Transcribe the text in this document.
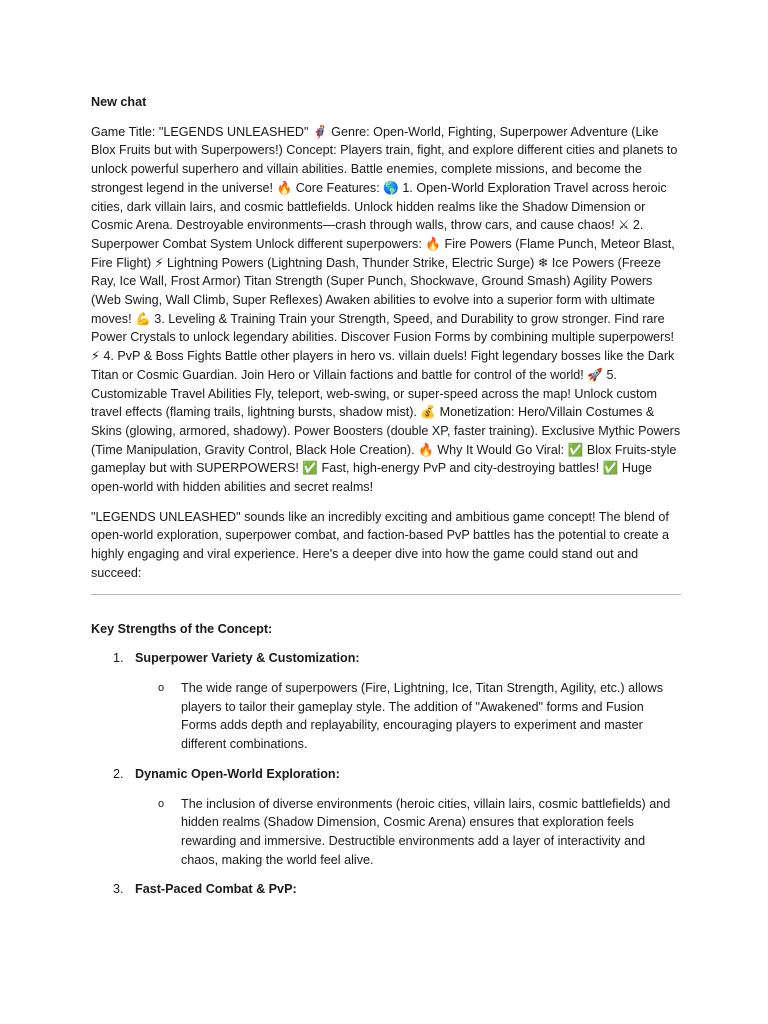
New chat

Game Title: "LEGENDS UNLEASHED" 🦸‍♂️ Genre: Open-World, Fighting, Superpower Adventure (Like Blox Fruits but with Superpowers!) Concept: Players train, fight, and explore different cities and planets to unlock powerful superhero and villain abilities. Battle enemies, complete missions, and become the strongest legend in the universe! 🔥 Core Features: 🌎 1. Open-World Exploration Travel across heroic cities, dark villain lairs, and cosmic battlefields. Unlock hidden realms like the Shadow Dimension or Cosmic Arena. Destroyable environments—crash through walls, throw cars, and cause chaos! ⚔ 2. Superpower Combat System Unlock different superpowers: 🔥 Fire Powers (Flame Punch, Meteor Blast, Fire Flight) ⚡ Lightning Powers (Lightning Dash, Thunder Strike, Electric Surge) ❄ Ice Powers (Freeze Ray, Ice Wall, Frost Armor) Titan Strength (Super Punch, Shockwave, Ground Smash) Agility Powers (Web Swing, Wall Climb, Super Reflexes) Awaken abilities to evolve into a superior form with ultimate moves! 💪 3. Leveling & Training Train your Strength, Speed, and Durability to grow stronger. Find rare Power Crystals to unlock legendary abilities. Discover Fusion Forms by combining multiple superpowers! ⚡ 4. PvP & Boss Fights Battle other players in hero vs. villain duels! Fight legendary bosses like the Dark Titan or Cosmic Guardian. Join Hero or Villain factions and battle for control of the world! 🚀 5. Customizable Travel Abilities Fly, teleport, web-swing, or super-speed across the map! Unlock custom travel effects (flaming trails, lightning bursts, shadow mist). 💰 Monetization: Hero/Villain Costumes & Skins (glowing, armored, shadowy). Power Boosters (double XP, faster training). Exclusive Mythic Powers (Time Manipulation, Gravity Control, Black Hole Creation). 🔥 Why It Would Go Viral: ✅ Blox Fruits-style gameplay but with SUPERPOWERS! ✅ Fast, high-energy PvP and city-destroying battles! ✅ Huge open-world with hidden abilities and secret realms!

"LEGENDS UNLEASHED" sounds like an incredibly exciting and ambitious game concept! The blend of open-world exploration, superpower combat, and faction-based PvP battles has the potential to create a highly engaging and viral experience. Here's a deeper dive into how the game could stand out and succeed:

Key Strengths of the Concept:
1. Superpower Variety & Customization:
o The wide range of superpowers (Fire, Lightning, Ice, Titan Strength, Agility, etc.) allows players to tailor their gameplay style. The addition of "Awakened" forms and Fusion Forms adds depth and replayability, encouraging players to experiment and master different combinations.
2. Dynamic Open-World Exploration:
o The inclusion of diverse environments (heroic cities, villain lairs, cosmic battlefields) and hidden realms (Shadow Dimension, Cosmic Arena) ensures that exploration feels rewarding and immersive. Destructible environments add a layer of interactivity and chaos, making the world feel alive.
3. Fast-Paced Combat & PvP:
